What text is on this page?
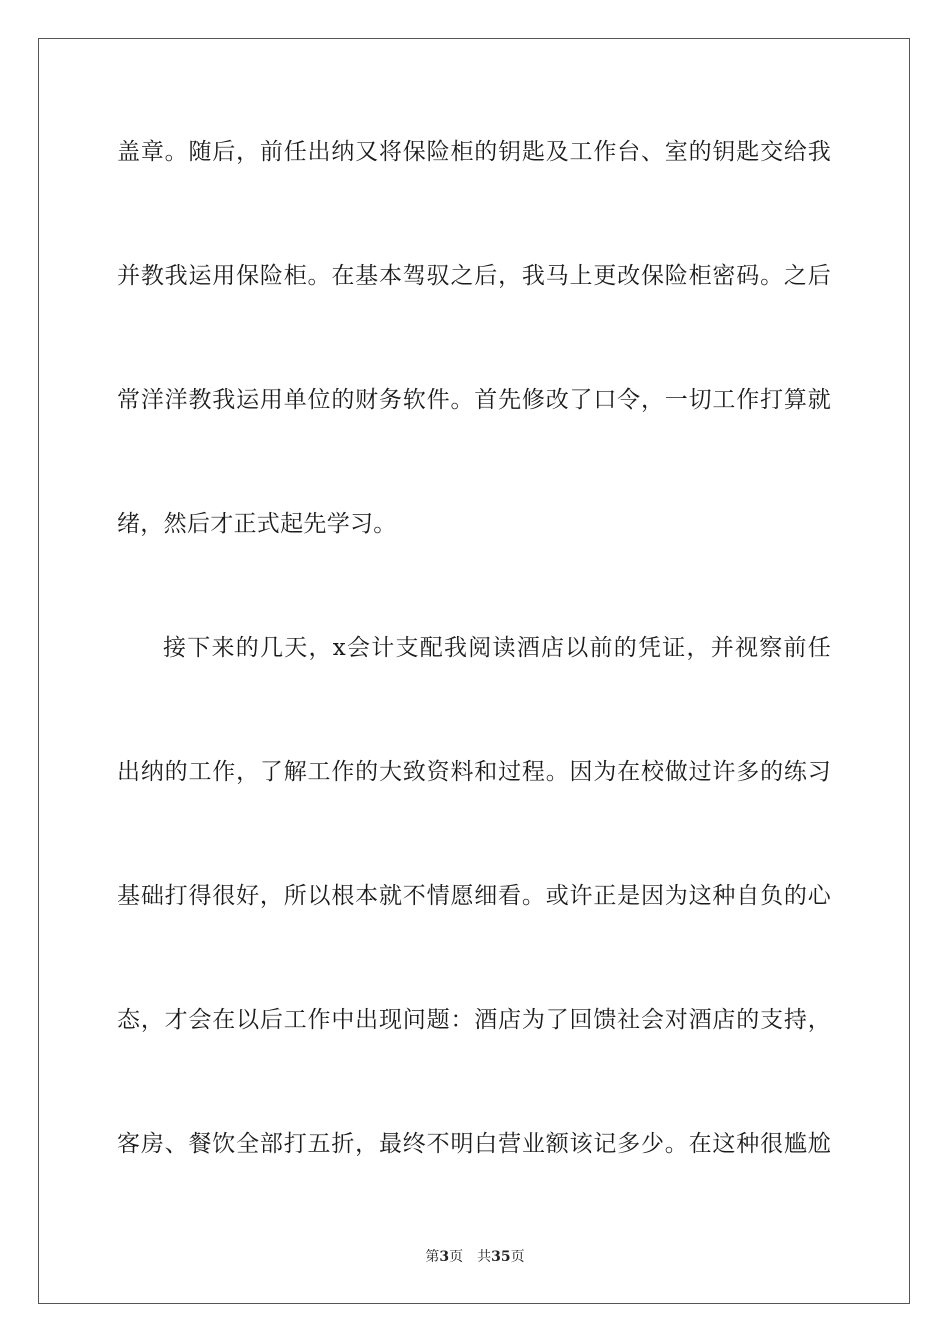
盖章。随后，前任出纳又将保险柜的钥匙及工作台、室的钥匙交给我
并教我运用保险柜。在基本驾驭之后，我马上更改保险柜密码。之后
常洋洋教我运用单位的财务软件。首先修改了口令，一切工作打算就
绪，然后才正式起先学习。
接下来的几天，x会计支配我阅读酒店以前的凭证，并视察前任
出纳的工作，了解工作的大致资料和过程。因为在校做过许多的练习
基础打得很好，所以根本就不情愿细看。或许正是因为这种自负的心
态，才会在以后工作中出现问题：酒店为了回馈社会对酒店的支持，
客房、餐饮全部打五折，最终不明白营业额该记多少。在这种很尴尬
第3页 共35页
